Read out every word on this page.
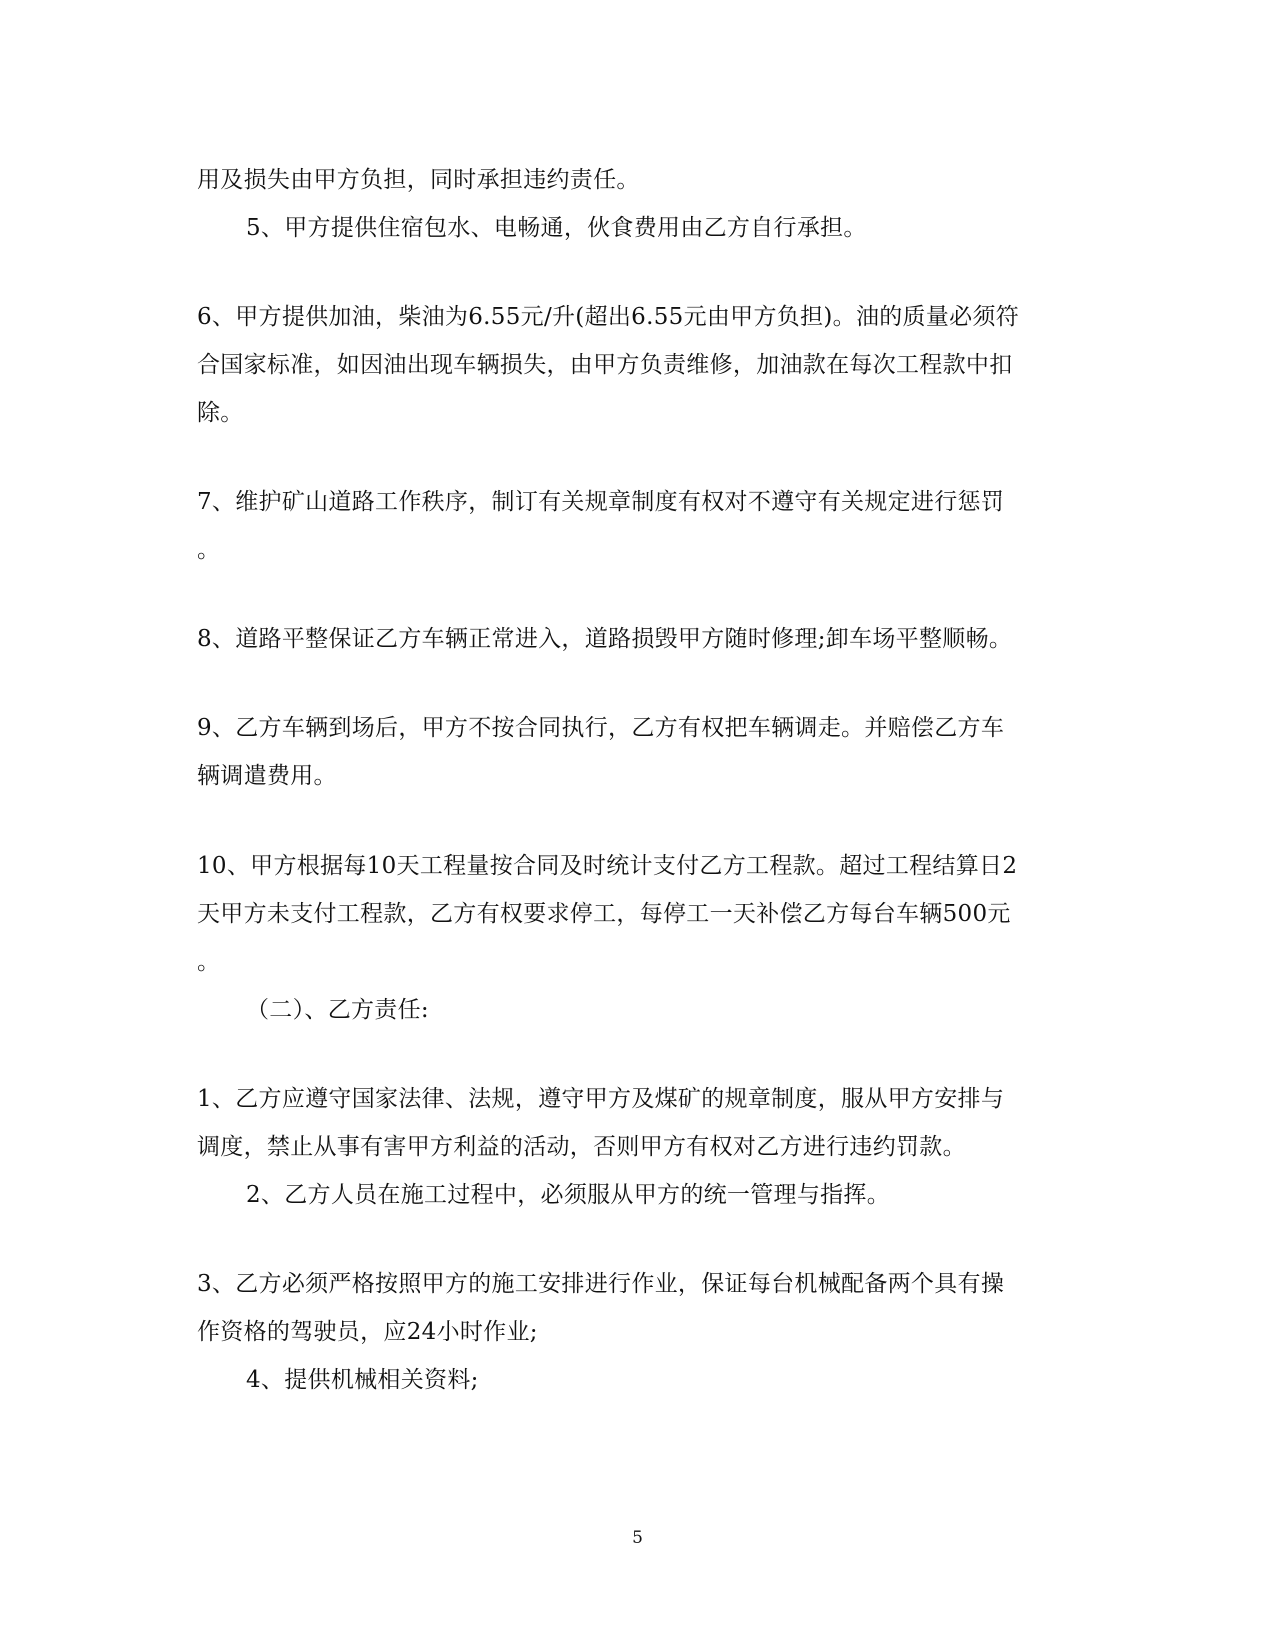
用及损失由甲方负担，同时承担违约责任。
5、甲方提供住宿包水、电畅通，伙食费用由乙方自行承担。
6、甲方提供加油，柴油为6.55元/升(超出6.55元由甲方负担)。油的质量必须符
合国家标准，如因油出现车辆损失，由甲方负责维修，加油款在每次工程款中扣
除。
7、维护矿山道路工作秩序，制订有关规章制度有权对不遵守有关规定进行惩罚
。
8、道路平整保证乙方车辆正常进入，道路损毁甲方随时修理;卸车场平整顺畅。
9、乙方车辆到场后，甲方不按合同执行，乙方有权把车辆调走。并赔偿乙方车
辆调遣费用。
10、甲方根据每10天工程量按合同及时统计支付乙方工程款。超过工程结算日2
天甲方未支付工程款，乙方有权要求停工，每停工一天补偿乙方每台车辆500元
。
（二）、乙方责任:
1、乙方应遵守国家法律、法规，遵守甲方及煤矿的规章制度，服从甲方安排与
调度，禁止从事有害甲方利益的活动，否则甲方有权对乙方进行违约罚款。
2、乙方人员在施工过程中，必须服从甲方的统一管理与指挥。
3、乙方必须严格按照甲方的施工安排进行作业，保证每台机械配备两个具有操
作资格的驾驶员，应24小时作业;
4、提供机械相关资料;
5
